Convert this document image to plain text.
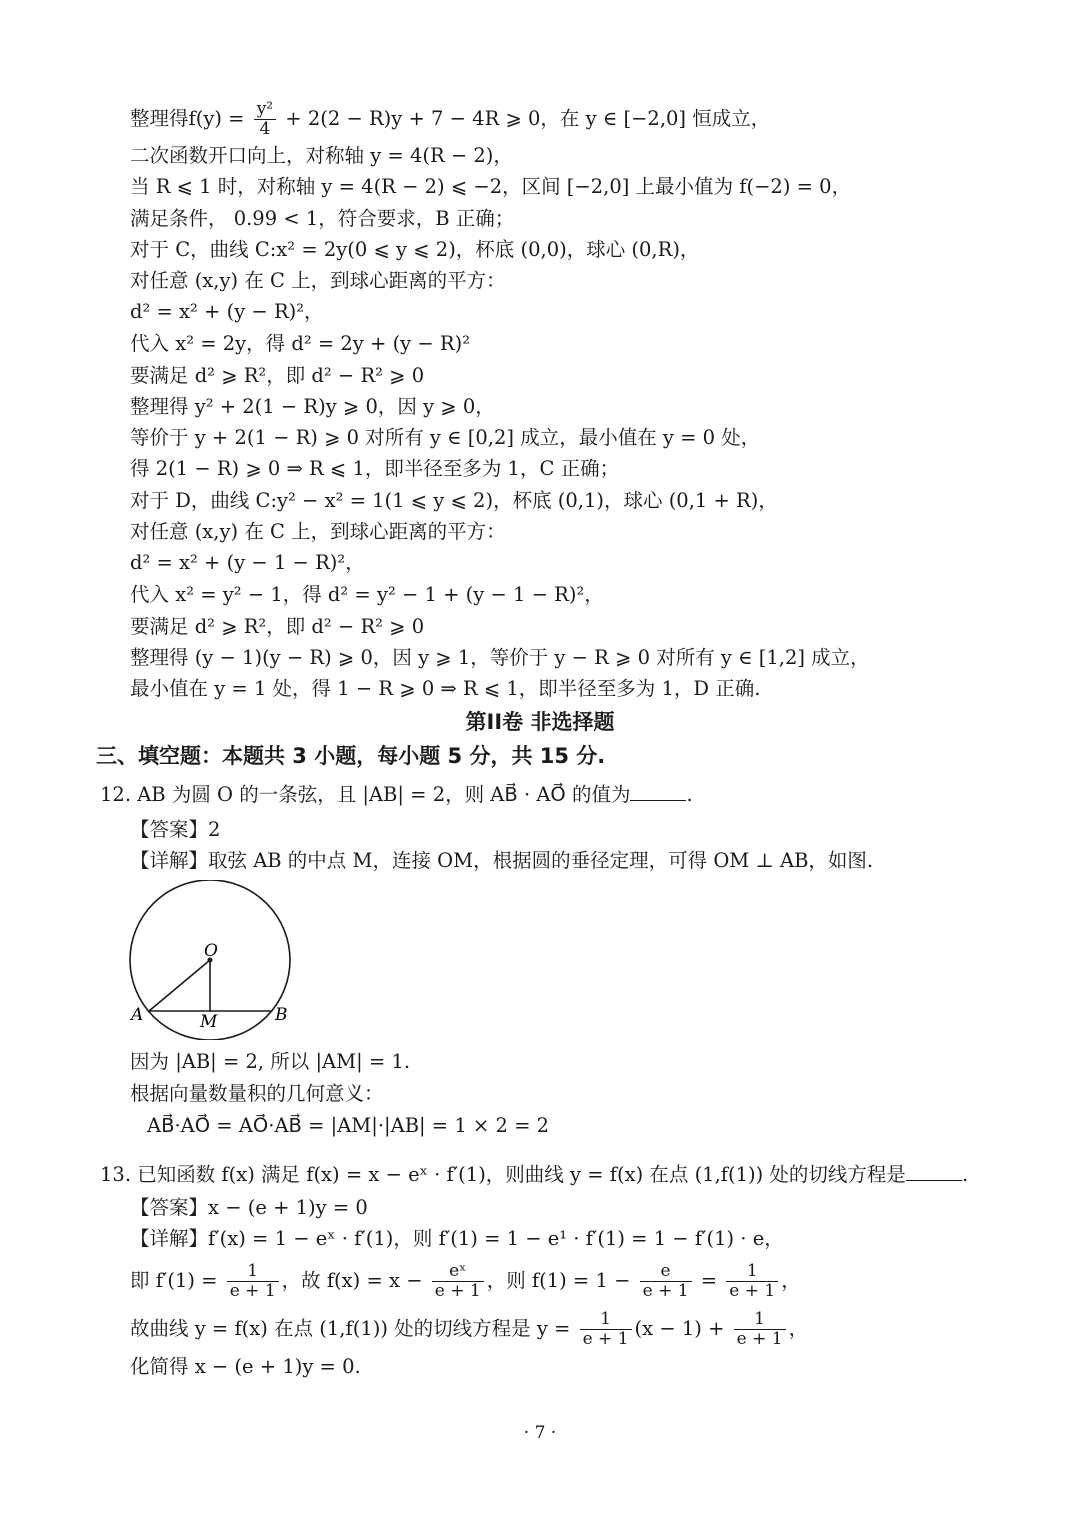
整理得$f(y) = \frac{\text{y²}}{4} + 2(2 - R)y + 7 - 4R$ ⩾ 0，在 y ∈ [−2,0] 恒成立，
二次函数开口向上，对称轴 y = 4(R − 2)，
当 R ⩽ 1 时，对称轴 y = 4(R − 2) ⩽ −2，区间 [−2,0] 上最小值为 f(−2) = 0，
满足条件， 0.99 < 1，符合要求，B 正确；
对于 C，曲线 C:x² = 2y(0 ⩽ y ⩽ 2)，杯底 (0,0)，球心 (0,R)，
对任意 (x,y) 在 C 上，到球心距离的平方：
d² = x² + (y − R)²，
代入 x² = 2y，得 d² = 2y + (y − R)²
要满足 d² ⩾ R²，即 d² − R² ⩾ 0
整理得 y² + 2(1 − R)y ⩾ 0，因 y ⩾ 0，
等价于 y + 2(1 − R) ⩾ 0 对所有 y ∈ [0,2] 成立，最小值在 y = 0 处，
得 2(1 − R) ⩾ 0 ⇒ R ⩽ 1，即半径至多为 1，C 正确；
对于 D，曲线 C:y² − x² = 1(1 ⩽ y ⩽ 2)，杯底 (0,1)，球心 (0,1 + R)，
对任意 (x,y) 在 C 上，到球心距离的平方：
d² = x² + (y − 1 − R)²，
代入 x² = y² − 1，得 d² = y² − 1 + (y − 1 − R)²，
要满足 d² ⩾ R²，即 d² − R² ⩾ 0
整理得 (y − 1)(y − R) ⩾ 0，因 y ⩾ 1，等价于 y − R ⩾ 0 对所有 y ∈ [1,2] 成立，
最小值在 y = 1 处，得 1 − R ⩾ 0 ⇒ R ⩽ 1，即半径至多为 1，D 正确.
第II卷 非选择题
三、填空题：本题共 3 小题，每小题 5 分，共 15 分.
12. AB 为圆 O 的一条弦，且 |AB| = 2，则 AB⃗ · AO⃗ 的值为	.
【答案】2
【详解】取弦 AB 的中点 M，连接 OM，根据圆的垂径定理，可得 OM ⊥ AB，如图.
O
A	B
M
因为 |AB| = 2, 所以 |AM| = 1.
根据向量数量积的几何意义：
AB⃗·AO⃗ = AO⃗·AB⃗ = |AM|·|AB| = 1 × 2 = 2
13. 已知函数 f(x) 满足 f(x) = x − eˣ · f′(1)，则曲线 y = f(x) 在点 (1,f(1)) 处的切线方程是	.
【答案】x − (e + 1)y = 0
【详解】f′(x) = 1 − eˣ · f′(1)，则 f′(1) = 1 − e¹ · f′(1) = 1 − f′(1) · e，
即 $f'(1) = \frac{1}{e + 1}$ ，故 $f(x) = x - \frac{\text{eˣ}}{e + 1}$ ，则 $f(1) = 1 - \frac{e}{e + 1} = \frac{1}{e + 1}$ ，
故曲线 y = f(x) 在点 (1,f(1)) 处的切线方程是 $y = \frac{1}{e + 1} (x - 1) + \frac{1}{e + 1}$ ，
化简得 x − (e + 1)y = 0.
· 7 ·
